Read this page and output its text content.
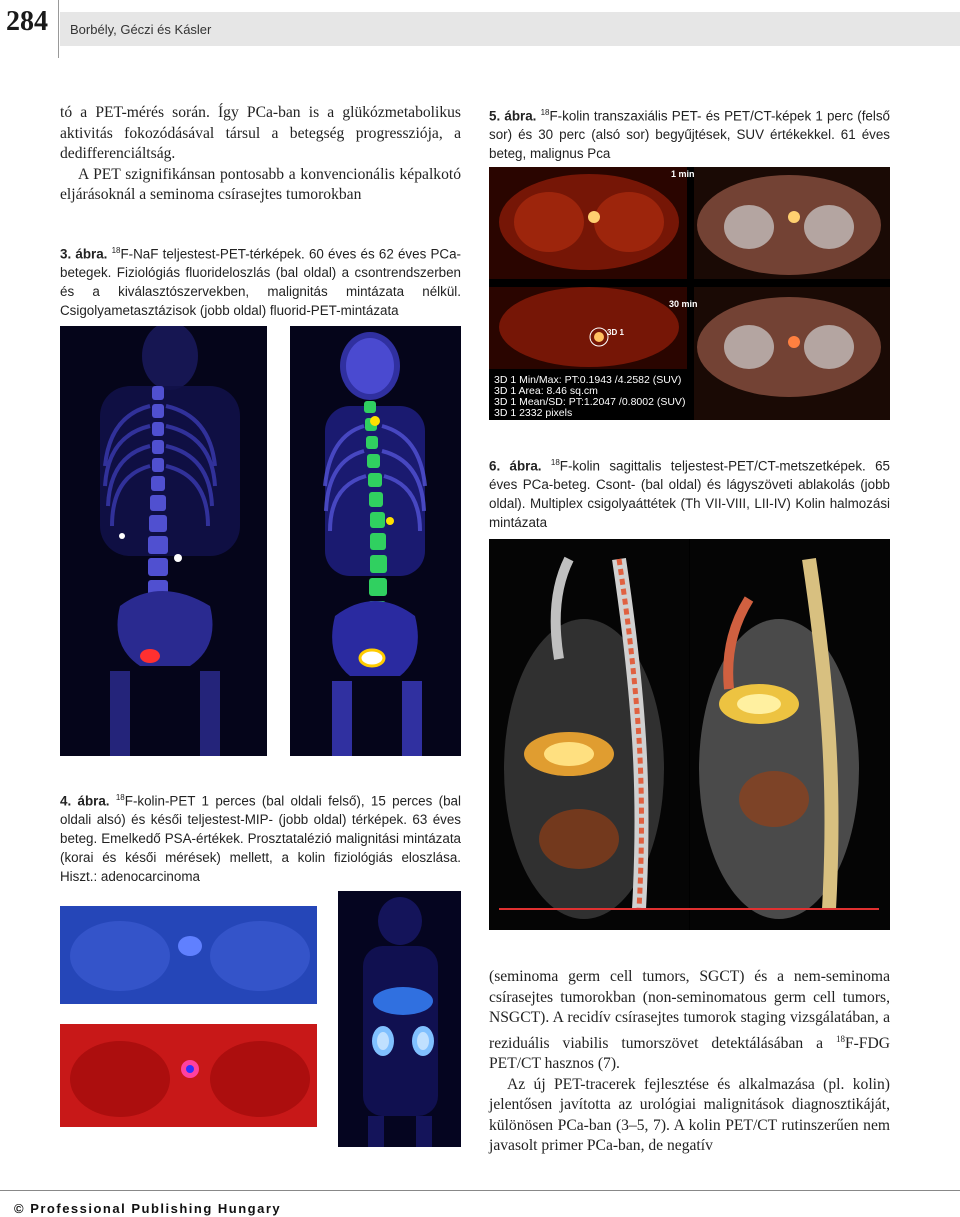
284 Borbély, Géczi és Kásler

tó a PET-mérés során. Így PCa-ban is a glükózmetabolikus aktivitás fokozódásával társul a betegség progressziója, a dedifferenciáltság.

A PET szignifikánsan pontosabb a konvencionális képalkotó eljárásoknál a seminoma csírasejtes tumorokban

3. ábra. $^{18}$F-NaF teljestest-PET-térképek. 60 éves és 62 éves PCa-betegek. Fiziológiás fluorideloszlás (bal oldal) a csontrendszerben és a kiválasztószervekben, malignitás mintázata nélkül. Csigolyametasztázisok (jobb oldal) fluorid-PET-mintázata
4. ábra. $^{18}$F-kolin-PET 1 perces (bal oldali felső), 15 perces (bal oldali alsó) és késői teljestest-MIP- (jobb oldal) térképek. 63 éves beteg. Emelkedő PSA-értékek. Prosztatalézió malignitási mintázata (korai és késői mérések) mellett, a kolin fiziológiás eloszlása. Hiszt.: adenocarcinoma
5. ábra. $^{18}$F-kolin transzaxiális PET- és PET/CT-képek 1 perc (felső sor) és 30 perc (alsó sor) begyűjtések, SUV értékekkel. 61 éves beteg, malignus Pca
1 min
30 min
3D 1
3D 1 Min/Max: PT:0.1943 /4.2582 (SUV)
3D 1 Area: 8.46 sq.cm
3D 1 Mean/SD: PT:1.2047 /0.8002 (SUV)
3D 1 2332 pixels
6. ábra. $^{18}$F-kolin sagittalis teljestest-PET/CT-metszetképek. 65 éves PCa-beteg. Csont- (bal oldal) és lágyszöveti ablakolás (jobb oldal). Multiplex csigolyaáttétek (Th VII-VIII, LII-IV) Kolin halmozási mintázata

(seminoma germ cell tumors, SGCT) és a nem-seminoma csírasejtes tumorokban (non-seminomatous germ cell tumors, NSGCT). A recidív csírasejtes tumorok staging vizsgálatában, a reziduális viabilis tumorszövet detektálásában a $^{18}$F-FDG PET/CT hasznos (7).

Az új PET-tracerek fejlesztése és alkalmazása (pl. kolin) jelentősen javította az urológiai malignitások diagnosztikáját, különösen PCa-ban (3–5, 7). A kolin PET/CT rutinszerűen nem javasolt primer PCa-ban, de negatív

© Professional Publishing Hungary
